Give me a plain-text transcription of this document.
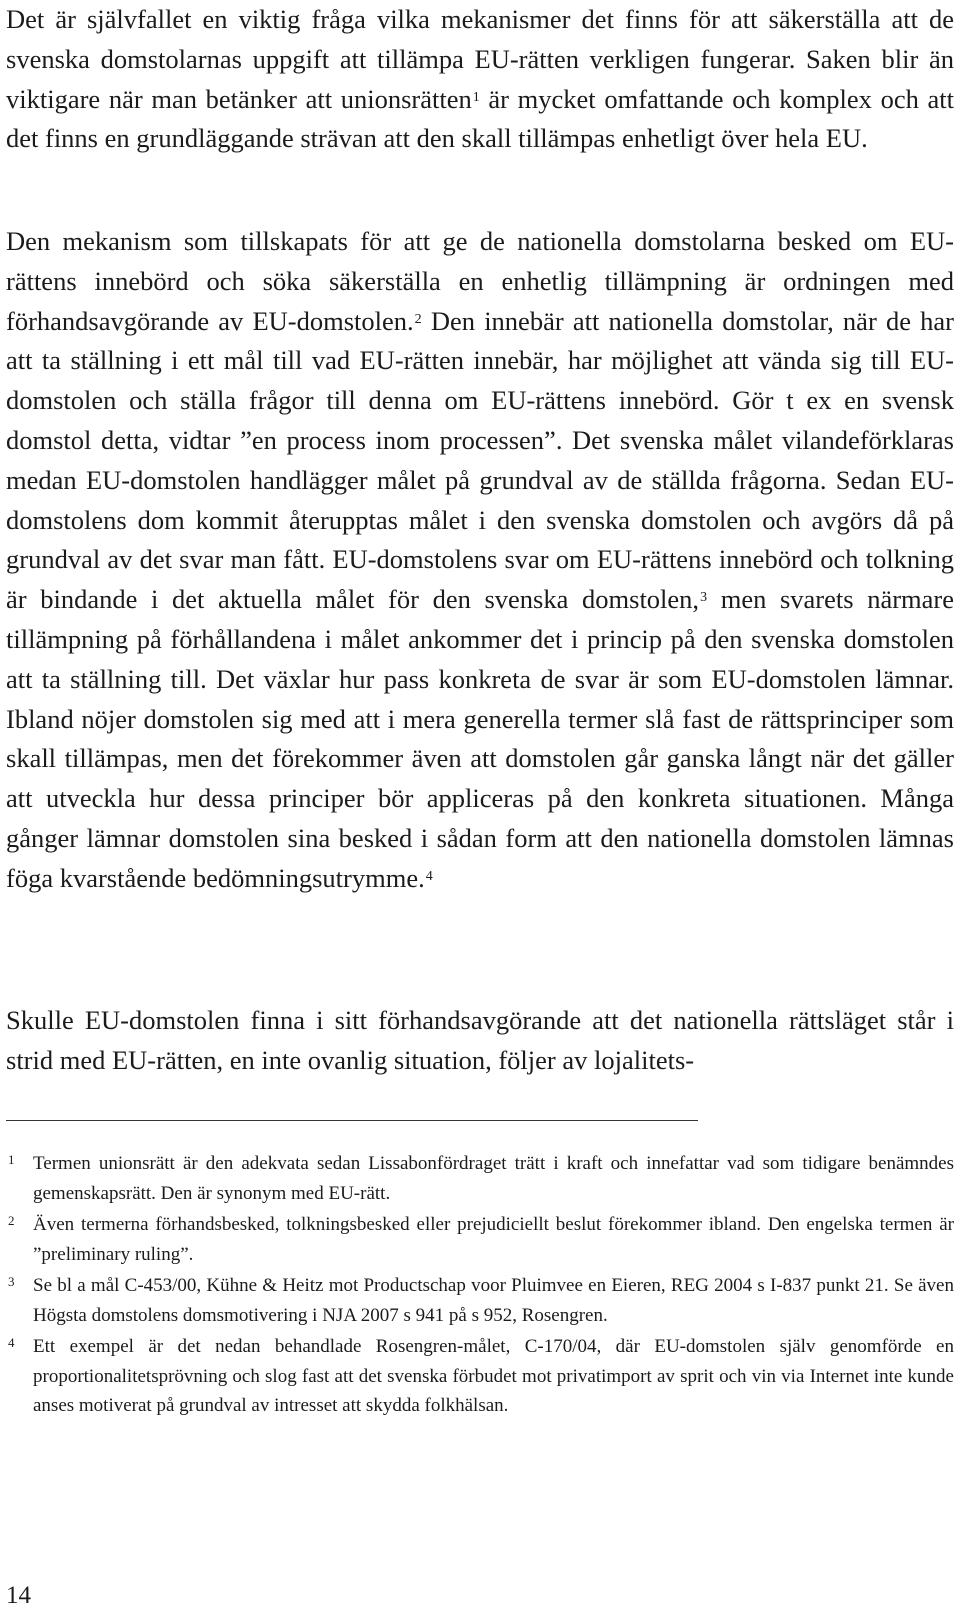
Det är självfallet en viktig fråga vilka mekanismer det finns för att säkerställa att de svenska domstolarnas uppgift att tillämpa EU-rätten verkligen fungerar. Saken blir än viktigare när man betänker att unionsrätten$^1$ är mycket omfattande och komplex och att det finns en grundläggande strävan att den skall tillämpas enhetligt över hela EU.

Den mekanism som tillskapats för att ge de nationella domstolarna besked om EU-rättens innebörd och söka säkerställa en enhetlig tillämpning är ordningen med förhandsavgörande av EU-domstolen.$^2$ Den innebär att nationella domstolar, när de har att ta ställning i ett mål till vad EU-rätten innebär, har möjlighet att vända sig till EU-domstolen och ställa frågor till denna om EU-rättens innebörd. Gör t ex en svensk domstol detta, vidtar ”en process inom processen”. Det svenska målet vilandeförklaras medan EU-domstolen handlägger målet på grundval av de ställda frågorna. Sedan EU-domstolens dom kommit återupptas målet i den svenska domstolen och avgörs då på grundval av det svar man fått. EU-domstolens svar om EU-rättens innebörd och tolkning är bindande i det aktuella målet för den svenska domstolen,$^3$ men svarets närmare tillämpning på förhållandena i målet ankommer det i princip på den svenska domstolen att ta ställning till. Det växlar hur pass konkreta de svar är som EU-domstolen lämnar. Ibland nöjer domstolen sig med att i mera generella termer slå fast de rättsprinciper som skall tillämpas, men det förekommer även att domstolen går ganska långt när det gäller att utveckla hur dessa principer bör appliceras på den konkreta situationen. Många gånger lämnar domstolen sina besked i sådan form att den nationella domstolen lämnas föga kvarstående bedömningsutrymme.$^4$

Skulle EU-domstolen finna i sitt förhandsavgörande att det nationella rättsläget står i strid med EU-rätten, en inte ovanlig situation, följer av lojalitets-

1 Termen unionsrätt är den adekvata sedan Lissabonfördraget trätt i kraft och innefattar vad som tidigare benämndes gemenskapsrätt. Den är synonym med EU-rätt.
2 Även termerna förhandsbesked, tolkningsbesked eller prejudiciellt beslut förekommer ibland. Den engelska termen är ”preliminary ruling”.
3 Se bl a mål C-453/00, Kühne & Heitz mot Productschap voor Pluimvee en Eieren, REG 2004 s I-837 punkt 21. Se även Högsta domstolens domsmotivering i NJA 2007 s 941 på s 952, Rosengren.
4 Ett exempel är det nedan behandlade Rosengren-målet, C-170/04, där EU-domstolen själv genomförde en proportionalitetsprövning och slog fast att det svenska förbudet mot privatimport av sprit och vin via Internet inte kunde anses motiverat på grundval av intresset att skydda folkhälsan.
14
